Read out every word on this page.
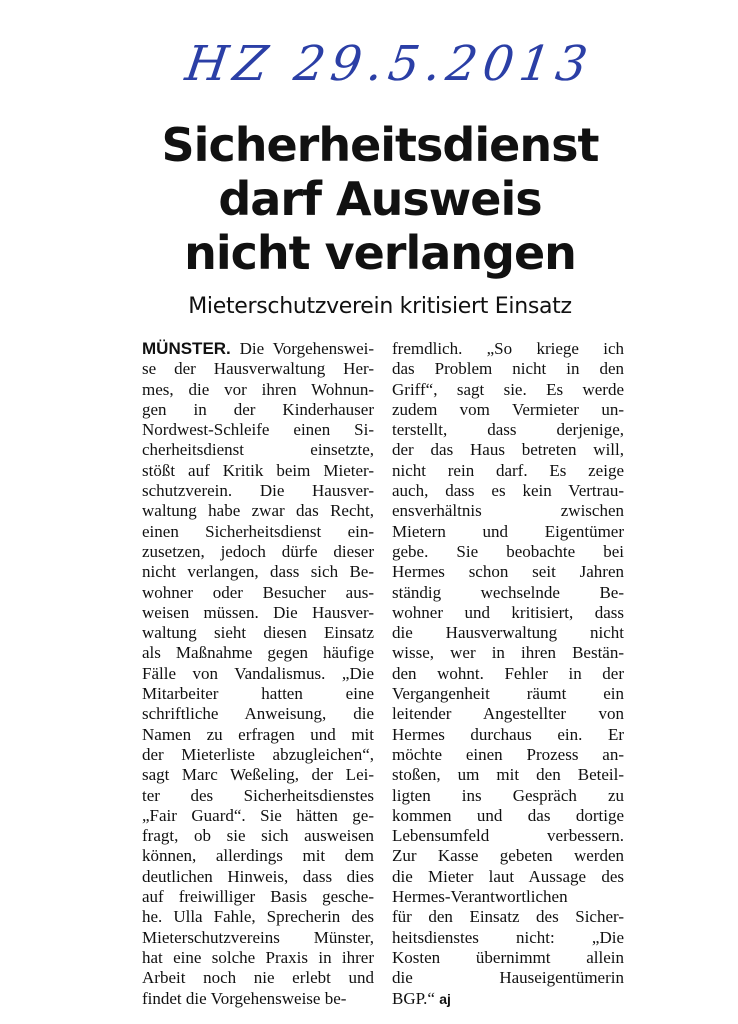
HZ 29.5.2013
Sicherheitsdienst
darf Ausweis
nicht verlangen
Mieterschutzverein kritisiert Einsatz
MÜNSTER. Die Vorgehenswei-
se der Hausverwaltung Her-
mes, die vor ihren Wohnun-
gen in der Kinderhauser
Nordwest-Schleife einen Si-
cherheitsdienst einsetzte,
stößt auf Kritik beim Mieter-
schutzverein. Die Hausver-
waltung habe zwar das Recht,
einen Sicherheitsdienst ein-
zusetzen, jedoch dürfe dieser
nicht verlangen, dass sich Be-
wohner oder Besucher aus-
weisen müssen. Die Hausver-
waltung sieht diesen Einsatz
als Maßnahme gegen häufige
Fälle von Vandalismus. „Die
Mitarbeiter hatten eine
schriftliche Anweisung, die
Namen zu erfragen und mit
der Mieterliste abzugleichen“,
sagt Marc Weßeling, der Lei-
ter des Sicherheitsdienstes
„Fair Guard“. Sie hätten ge-
fragt, ob sie sich ausweisen
können, allerdings mit dem
deutlichen Hinweis, dass dies
auf freiwilliger Basis gesche-
he. Ulla Fahle, Sprecherin des
Mieterschutzvereins Münster,
hat eine solche Praxis in ihrer
Arbeit noch nie erlebt und
findet die Vorgehensweise be-
fremdlich. „So kriege ich
das Problem nicht in den
Griff“, sagt sie. Es werde
zudem vom Vermieter un-
terstellt, dass derjenige,
der das Haus betreten will,
nicht rein darf. Es zeige
auch, dass es kein Vertrau-
ensverhältnis zwischen
Mietern und Eigentümer
gebe. Sie beobachte bei
Hermes schon seit Jahren
ständig wechselnde Be-
wohner und kritisiert, dass
die Hausverwaltung nicht
wisse, wer in ihren Bestän-
den wohnt. Fehler in der
Vergangenheit räumt ein
leitender Angestellter von
Hermes durchaus ein. Er
möchte einen Prozess an-
stoßen, um mit den Beteil-
ligten ins Gespräch zu
kommen und das dortige
Lebensumfeld verbessern.
Zur Kasse gebeten werden
die Mieter laut Aussage des
Hermes-Verantwortlichen
für den Einsatz des Sicher-
heitsdienstes nicht: „Die
Kosten übernimmt allein
die Hauseigentümerin
BGP.“ aj
